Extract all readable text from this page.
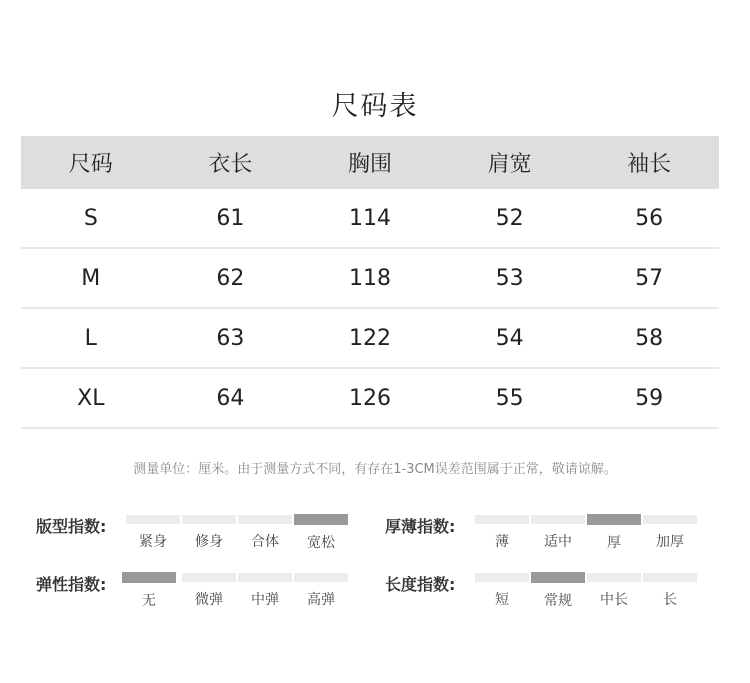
尺码表
尺码	衣长	胸围	肩宽	袖长
S	61	114	52	56
M	62	118	53	57
L	63	122	54	58
XL	64	126	55	59
测量单位：厘米。由于测量方式不同，有存在1-3CM误差范围属于正常，敬请谅解。
版型指数:
紧身	修身	合体	宽松
厚薄指数:
薄	适中	厚	加厚
弹性指数:
无	微弹	中弹	高弹
长度指数:
短	常规	中长	长
